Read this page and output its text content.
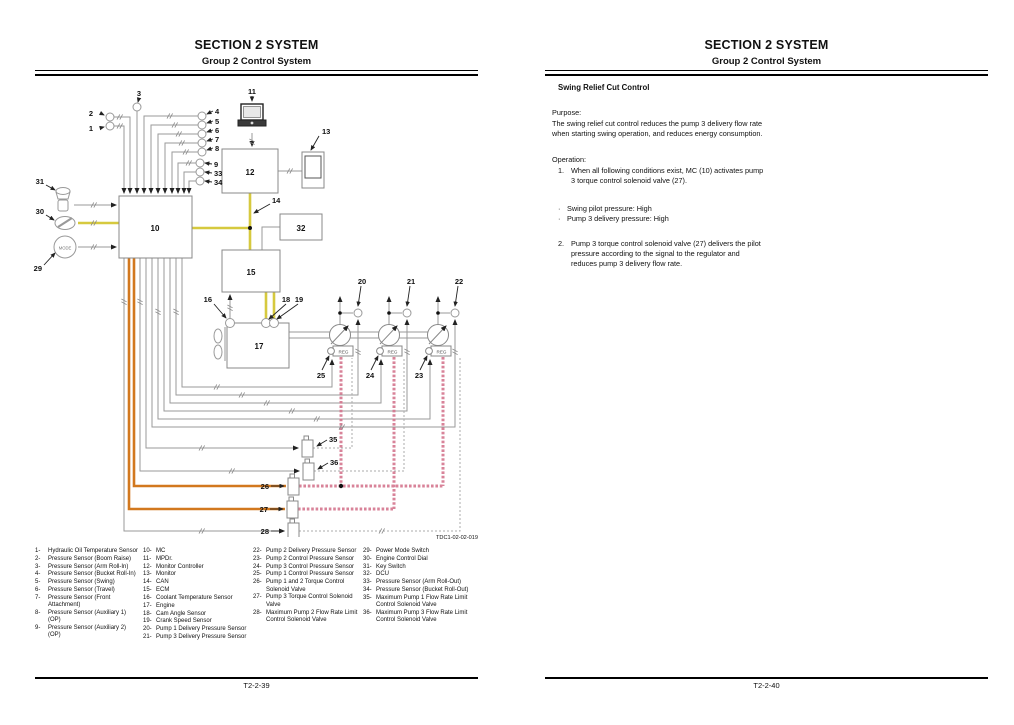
SECTION 2 SYSTEM
Group 2 Control System
10
12
32
15
17
MODE
REG	REG	REG
2
1
3
4
5
6
7
8
9
33
34
31
30
29
11
13
14
16	18 19
20	21	22
25	24	23
26
27
28
35
36
TDC1-02-02-019
1-	Hydraulic Oil Temperature Sensor
2-	Pressure Sensor (Boom Raise)
3-	Pressure Sensor (Arm Roll-In)
4-	Pressure Sensor (Bucket Roll-In)
5-	Pressure Sensor (Swing)
6-	Pressure Sensor (Travel)
7-	Pressure Sensor (Front Attachment)
8-	Pressure Sensor (Auxiliary 1) (OP)
9-	Pressure Sensor (Auxiliary 2) (OP)
10- MC
11- MPDr.
12- Monitor Controller
13- Monitor
14- CAN
15- ECM
16- Coolant Temperature Sensor
17- Engine
18- Cam Angle Sensor
19- Crank Speed Sensor
20- Pump 1 Delivery Pressure Sensor
21- Pump 3 Delivery Pressure Sensor
22- Pump 2 Delivery Pressure Sensor
23- Pump 2 Control Pressure Sensor
24- Pump 3 Control Pressure Sensor
25- Pump 1 Control Pressure Sensor
26- Pump 1 and 2 Torque Control Solenoid Valve
27- Pump 3 Torque Control Solenoid Valve
28- Maximum Pump 2 Flow Rate Limit Control Solenoid Valve
29- Power Mode Switch
30- Engine Control Dial
31- Key Switch
32- DCU
33- Pressure Sensor (Arm Roll-Out)
34- Pressure Sensor (Bucket Roll-Out)
35- Maximum Pump 1 Flow Rate Limit Control Solenoid Valve
36- Maximum Pump 3 Flow Rate Limit Control Solenoid Valve
T2-2-39
SECTION 2 SYSTEM
Group 2 Control System
Swing Relief Cut Control
Purpose:
The swing relief cut control reduces the pump 3 delivery flow rate when starting swing operation, and reduces energy consumption.
Operation:
1. When all following conditions exist, MC (10) activates pump 3 torque control solenoid valve (27).
· Swing pilot pressure: High
· Pump 3 delivery pressure: High
2. Pump 3 torque control solenoid valve (27) delivers the pilot pressure according to the signal to the regulator and reduces pump 3 delivery flow rate.
T2-2-40
